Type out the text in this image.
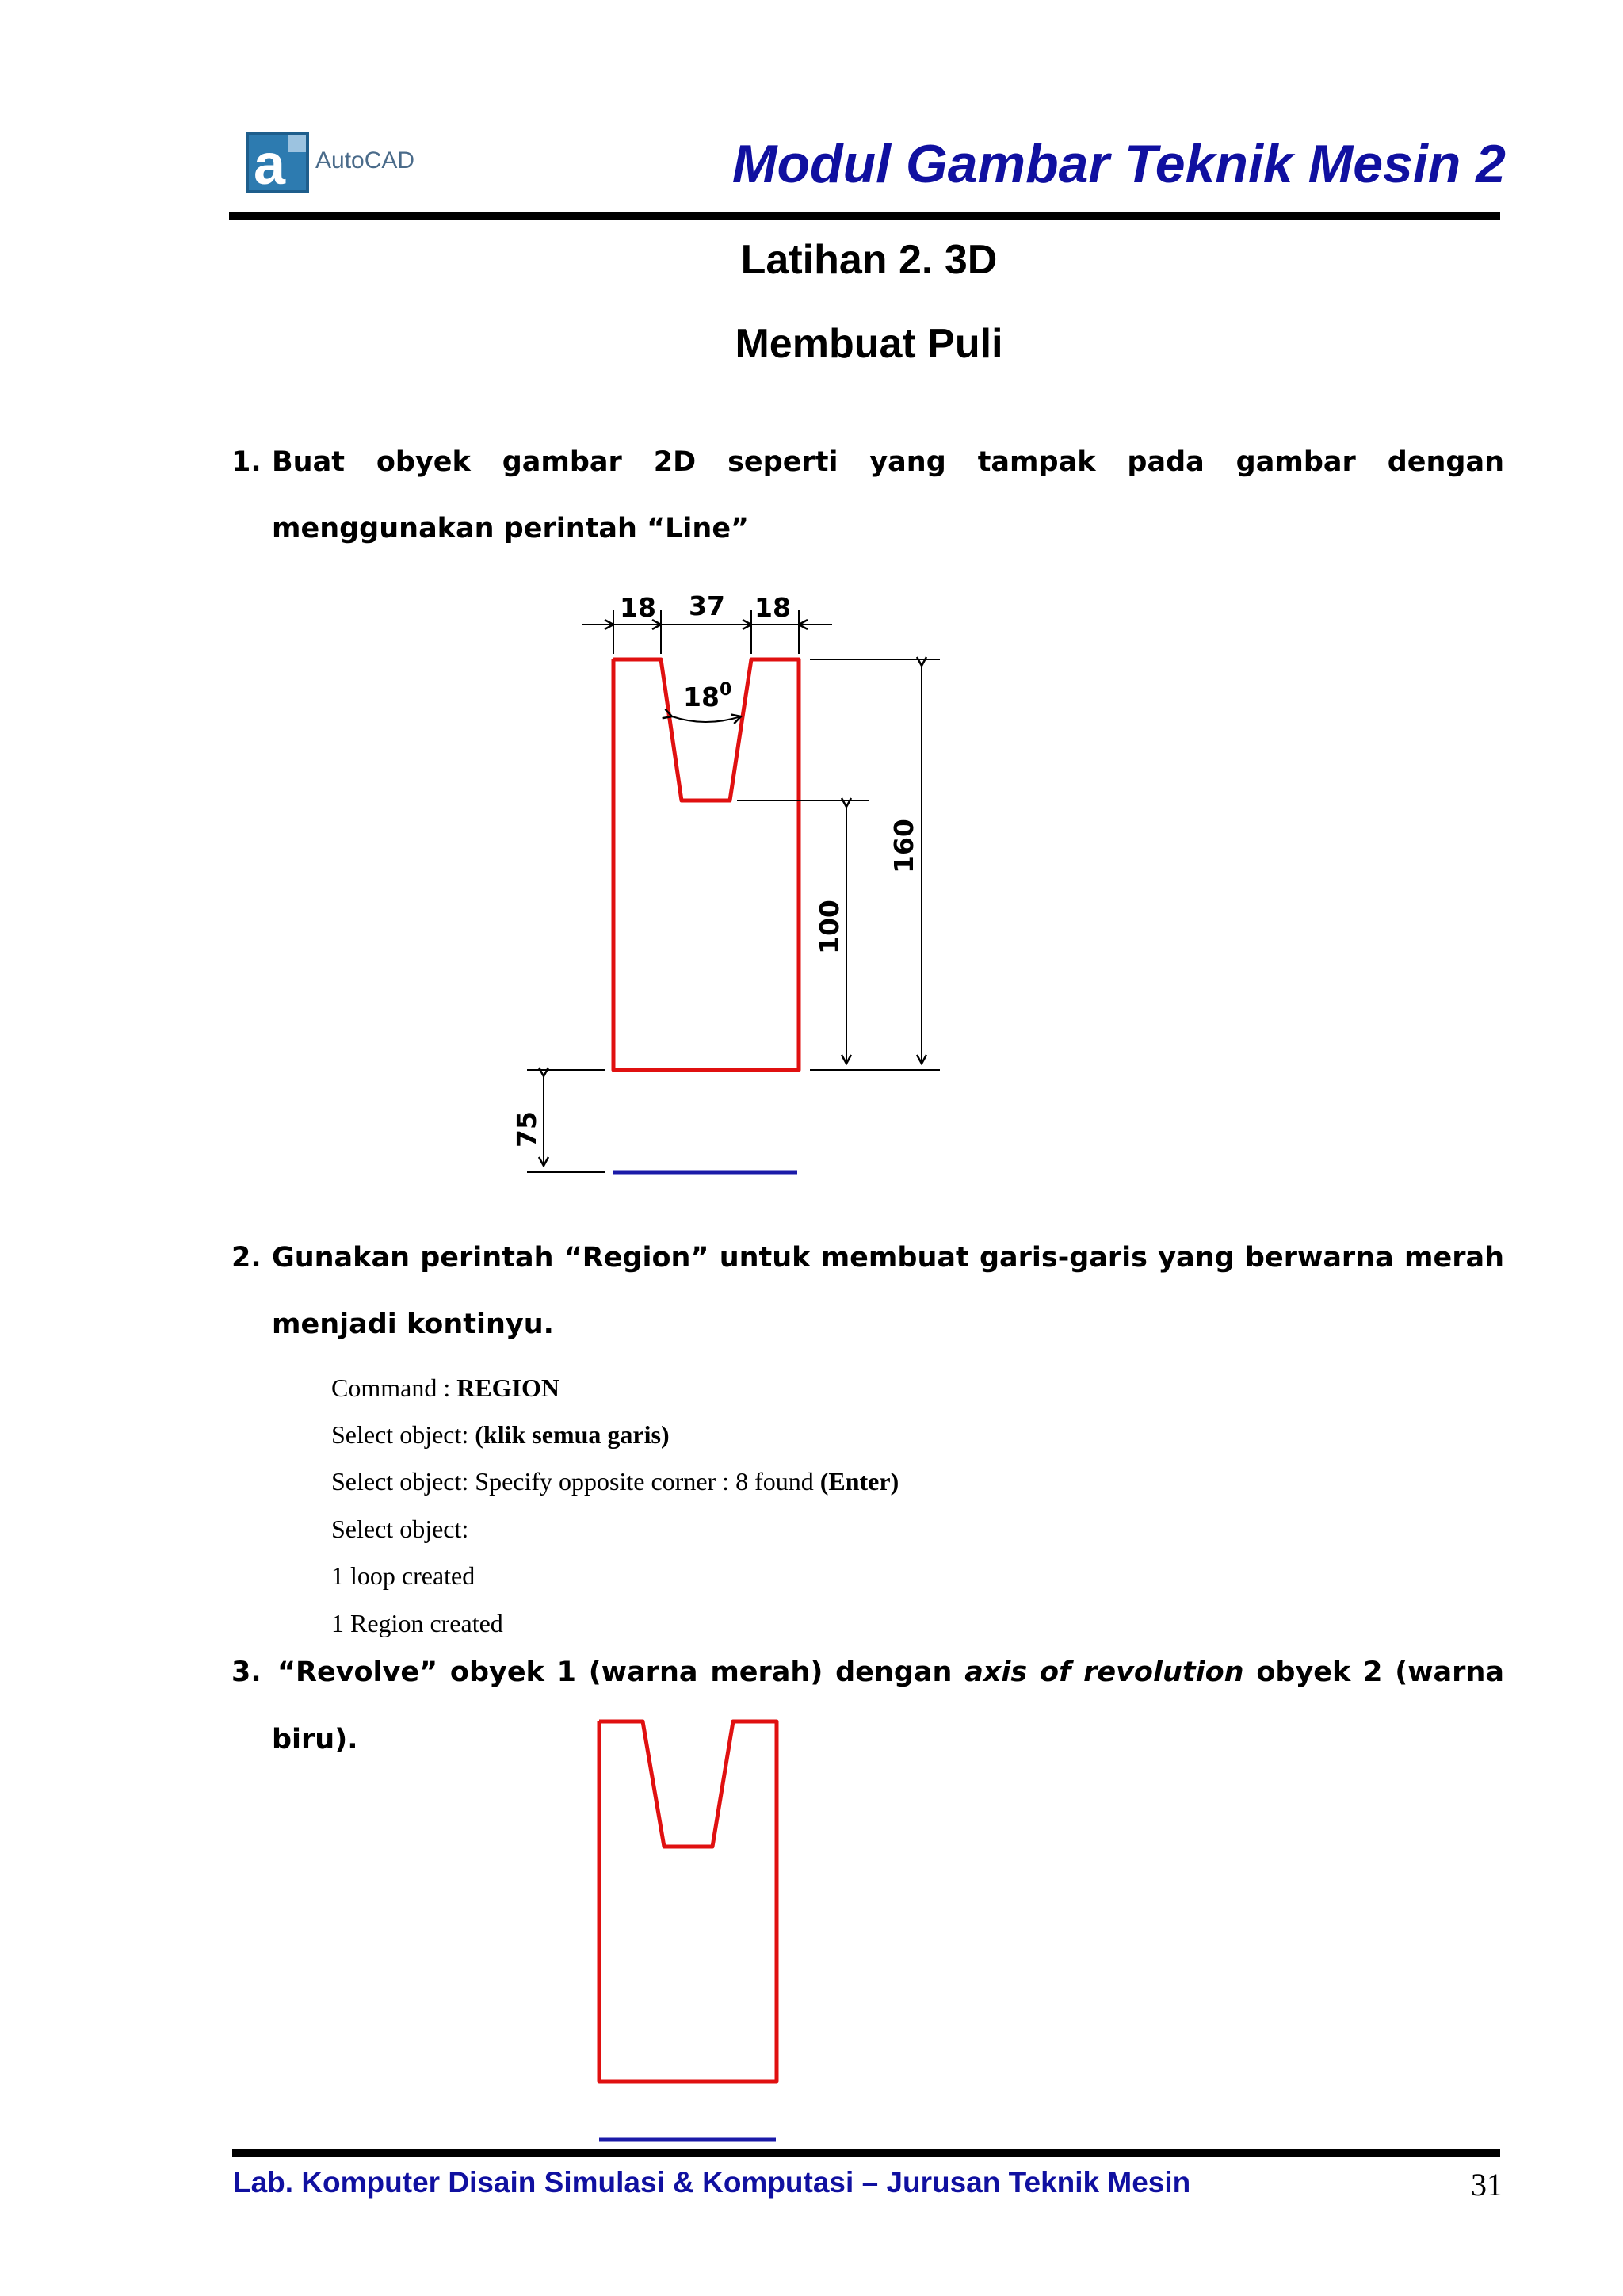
a AutoCAD	Modul Gambar Teknik Mesin 2
Latihan 2. 3D
Membuat Puli
1. Buat obyek gambar 2D seperti yang tampak pada gambar dengan
menggunakan perintah “Line”
18 37 18
$18^0$
160
100
75
2. Gunakan perintah “Region” untuk membuat garis-garis yang berwarna merah
menjadi kontinyu.
Command : REGION
Select object: (klik semua garis)
Select object: Specify opposite corner : 8 found (Enter)
Select object:
1 loop created
1 Region created
3. “Revolve” obyek 1 (warna merah) dengan axis of revolution obyek 2 (warna
biru).
Lab. Komputer Disain Simulasi & Komputasi – Jurusan Teknik Mesin	31
